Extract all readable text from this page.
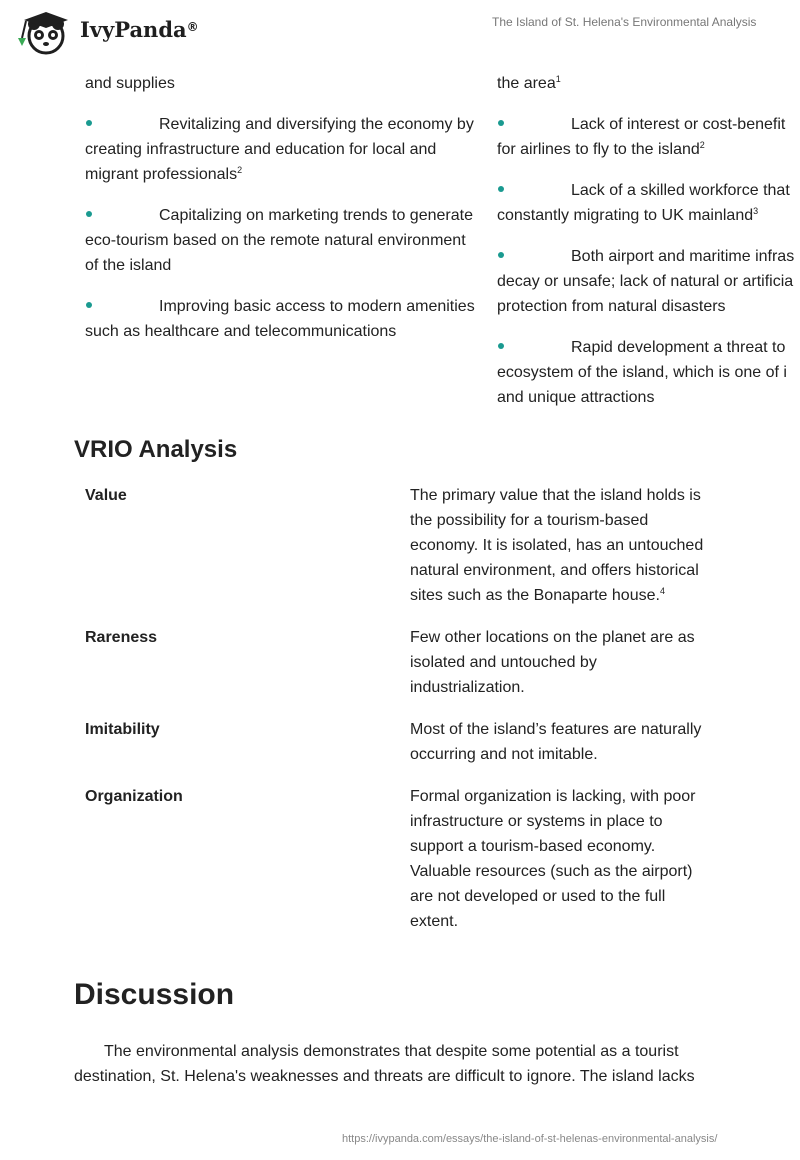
IvyPanda®	The Island of St. Helena's Environmental Analysis

and supplies

Revitalizing and diversifying the economy by creating infrastructure and education for local and migrant professionals$^2$

Capitalizing on marketing trends to generate eco-tourism based on the remote natural environment of the island

Improving basic access to modern amenities such as healthcare and telecommunications

the area$^1$

Lack of interest or cost-benefit
for airlines to fly to the island$^2$

Lack of a skilled workforce that
constantly migrating to UK mainland$^3$

Both airport and maritime infras
decay or unsafe; lack of natural or artificia
protection from natural disasters

Rapid development a threat to
ecosystem of the island, which is one of i
and unique attractions

VRIO Analysis
Value	The primary value that the island holds is the possibility for a tourism-based economy. It is isolated, has an untouched natural environment, and offers historical sites such as the Bonaparte house.$^4$
Rareness	Few other locations on the planet are as isolated and untouched by industrialization.
Imitability	Most of the island’s features are naturally occurring and not imitable.
Organization	Formal organization is lacking, with poor infrastructure or systems in place to support a tourism-based economy. Valuable resources (such as the airport) are not developed or used to the full extent.
Discussion

The environmental analysis demonstrates that despite some potential as a tourist destination, St. Helena's weaknesses and threats are difficult to ignore. The island lacks

https://ivypanda.com/essays/the-island-of-st-helenas-environmental-analysis/
